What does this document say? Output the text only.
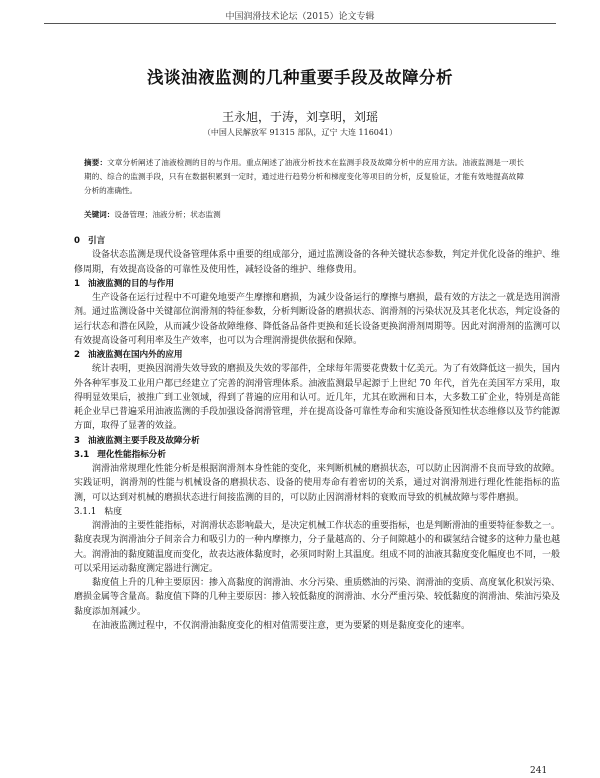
中国润滑技术论坛（2015）论文专辑
浅谈油液监测的几种重要手段及故障分析
王永旭，于涛，刘享明，刘瑶
（中国人民解放军 91315 部队，辽宁 大连 116041）
摘要：文章分析阐述了油液检测的目的与作用。重点阐述了油液分析技术在监测手段及故障分析中的应用方法。油液监测是一项长期的、综合的监测手段，只有在数据积累到一定时，通过进行趋势分析和梯度变化等项目的分析，反复验证，才能有效地提高故障分析的准确性。
关键词：设备管理；油液分析；状态监测
0 引言

设备状态监测是现代设备管理体系中重要的组成部分，通过监测设备的各种关键状态参数，判定并优化设备的维护、维修周期，有效提高设备的可靠性及使用性，减轻设备的维护、维修费用。

1 油液监测的目的与作用

生产设备在运行过程中不可避免地要产生摩擦和磨损，为减少设备运行的摩擦与磨损，最有效的方法之一就是选用润滑剂。通过监测设备中关键部位润滑剂的特征参数，分析判断设备的磨损状态、润滑剂的污染状况及其老化状态，判定设备的运行状态和潜在风险，从而减少设备故障维修、降低备品备件更换和延长设备更换润滑剂周期等。因此对润滑剂的监测可以有效提高设备可利用率及生产效率，也可以为合理润滑提供依据和保障。

2 油液监测在国内外的应用

统计表明，更换因润滑失效导致的磨损及失效的零部件，全球每年需要花费数十亿美元。为了有效降低这一损失，国内外各种军事及工业用户都已经建立了完善的润滑管理体系。油液监测最早起源于上世纪 70 年代，首先在美国军方采用，取得明显效果后，被推广到工业领域，得到了普遍的应用和认可。近几年，尤其在欧洲和日本，大多数工矿企业，特别是高能耗企业早已普遍采用油液监测的手段加强设备润滑管理，并在提高设备可靠性寿命和实施设备预知性状态维修以及节约能源方面，取得了显著的效益。

3 油液监测主要手段及故障分析
3.1 理化性能指标分析

润滑油常规理化性能分析是根据润滑剂本身性能的变化，来判断机械的磨损状态，可以防止因润滑不良而导致的故障。实践证明，润滑剂的性能与机械设备的磨损状态、设备的使用寿命有着密切的关系，通过对润滑剂进行理化性能指标的监测，可以达到对机械的磨损状态进行间接监测的目的，可以防止因润滑材料的衰败而导致的机械故障与零件磨损。

3.1.1 粘度

润滑油的主要性能指标，对润滑状态影响最大，是决定机械工作状态的重要指标，也是判断滑油的重要特征参数之一。黏度表现为润滑油分子间亲合力和吸引力的一种内摩擦力，分子量越高的、分子间隙越小的和碳氢结合键多的这种力量也越大。润滑油的黏度随温度而变化，故表达液体黏度时，必须同时附上其温度。组成不同的油液其黏度变化幅度也不同，一般可以采用运动黏度测定器进行测定。

黏度值上升的几种主要原因：掺入高黏度的润滑油、水分污染、重质燃油的污染、润滑油的变质、高度氧化积炭污染、磨损金属等含量高。黏度值下降的几种主要原因：掺入较低黏度的润滑油、水分严重污染、较低黏度的润滑油、柴油污染及黏度添加剂减少。

在油液监测过程中，不仅润滑油黏度变化的相对值需要注意，更为要紧的则是黏度变化的速率。

241
